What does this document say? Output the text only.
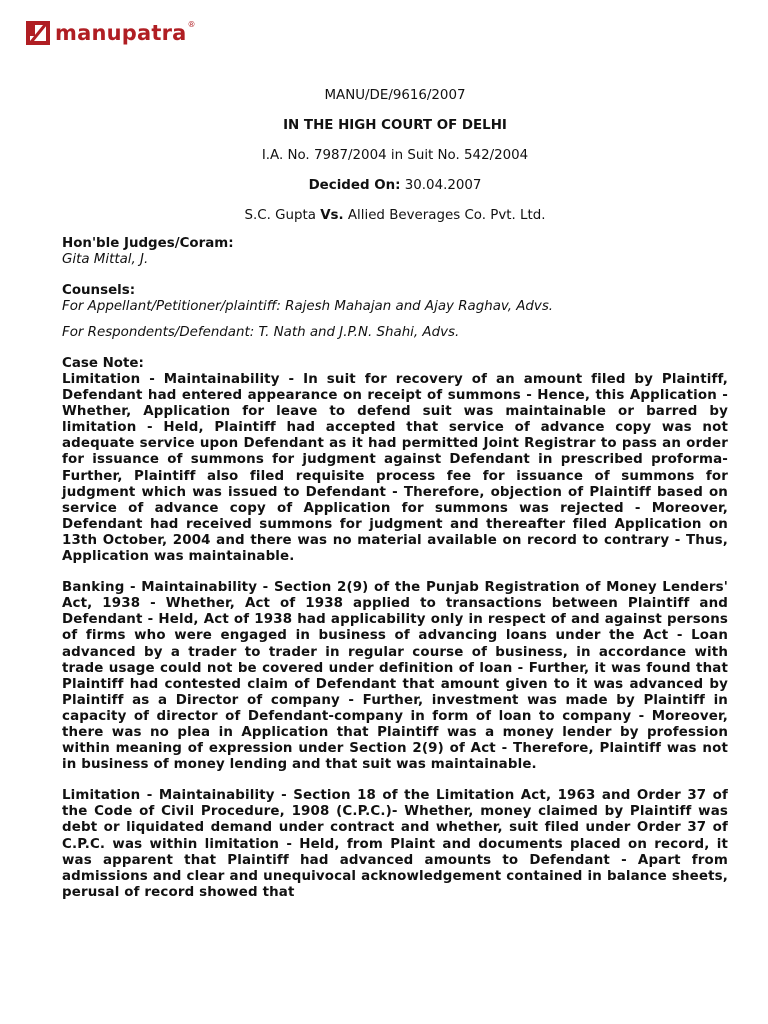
manupatra ®

MANU/DE/9616/2007

IN THE HIGH COURT OF DELHI

I.A. No. 7987/2004 in Suit No. 542/2004

Decided On: 30.04.2007

S.C. Gupta Vs. Allied Beverages Co. Pvt. Ltd.

Hon'ble Judges/Coram:

Gita Mittal, J.

Counsels:

For Appellant/Petitioner/plaintiff: Rajesh Mahajan and Ajay Raghav, Advs.

For Respondents/Defendant: T. Nath and J.P.N. Shahi, Advs.

Case Note:

Limitation - Maintainability - In suit for recovery of an amount filed by Plaintiff, Defendant had entered appearance on receipt of summons - Hence, this Application - Whether, Application for leave to defend suit was maintainable or barred by limitation - Held, Plaintiff had accepted that service of advance copy was not adequate service upon Defendant as it had permitted Joint Registrar to pass an order for issuance of summons for judgment against Defendant in prescribed proforma- Further, Plaintiff also filed requisite process fee for issuance of summons for judgment which was issued to Defendant - Therefore, objection of Plaintiff based on service of advance copy of Application for summons was rejected - Moreover, Defendant had received summons for judgment and thereafter filed Application on 13th October, 2004 and there was no material available on record to contrary - Thus, Application was maintainable.

Banking - Maintainability - Section 2(9) of the Punjab Registration of Money Lenders' Act, 1938 - Whether, Act of 1938 applied to transactions between Plaintiff and Defendant - Held, Act of 1938 had applicability only in respect of and against persons of firms who were engaged in business of advancing loans under the Act - Loan advanced by a trader to trader in regular course of business, in accordance with trade usage could not be covered under definition of loan - Further, it was found that Plaintiff had contested claim of Defendant that amount given to it was advanced by Plaintiff as a Director of company - Further, investment was made by Plaintiff in capacity of director of Defendant-company in form of loan to company - Moreover, there was no plea in Application that Plaintiff was a money lender by profession within meaning of expression under Section 2(9) of Act - Therefore, Plaintiff was not in business of money lending and that suit was maintainable.

Limitation - Maintainability - Section 18 of the Limitation Act, 1963 and Order 37 of the Code of Civil Procedure, 1908 (C.P.C.)- Whether, money claimed by Plaintiff was debt or liquidated demand under contract and whether, suit filed under Order 37 of C.P.C. was within limitation - Held, from Plaint and documents placed on record, it was apparent that Plaintiff had advanced amounts to Defendant - Apart from admissions and clear and unequivocal acknowledgement contained in balance sheets, perusal of record showed that
